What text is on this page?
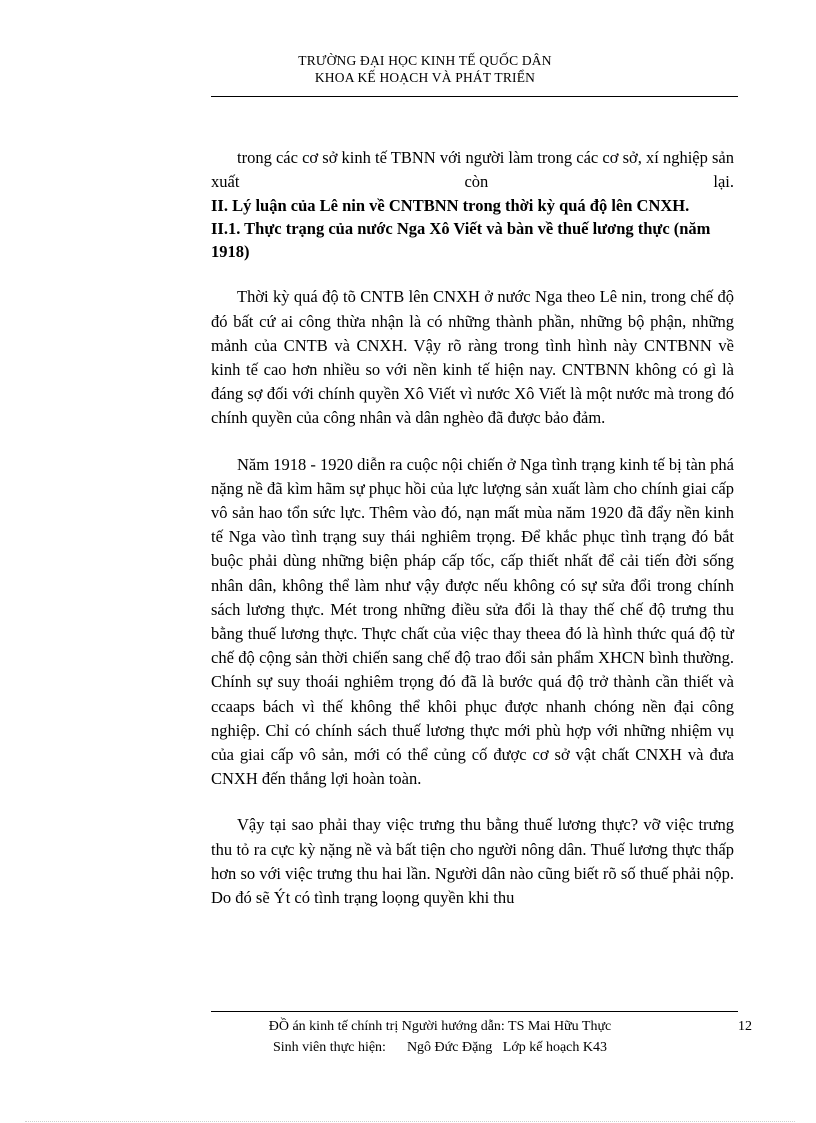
TRƯỜNG ĐẠI HỌC KINH TẾ QUỐC DÂN
KHOA KẾ HOẠCH VÀ PHÁT TRIỂN

trong các cơ sở kinh tế TBNN với người làm trong các cơ sở, xí nghiệp sản xuất còn lại.

II. Lý luận của Lê nin về CNTBNN trong thời kỳ quá độ lên CNXH.

II.1. Thực trạng của nước Nga Xô Viết và bàn về thuế lương thực (năm 1918)

Thời kỳ quá độ tõ CNTB lên CNXH ở nước Nga theo Lê nin, trong chế độ đó bất cứ ai công thừa nhận là có những thành phần, những bộ phận, những mảnh của CNTB và CNXH. Vậy rõ ràng trong tình hình này CNTBNN về kinh tế cao hơn nhiều so với nền kinh tế hiện nay. CNTBNN không có gì là đáng sợ đối với chính quyền Xô Viết vì nước Xô Viết là một nước mà trong đó chính quyền của công nhân và dân nghèo đã được bảo đảm.

Năm 1918 - 1920 diễn ra cuộc nội chiến ở Nga tình trạng kinh tế bị tàn phá nặng nề đã kìm hãm sự phục hồi của lực lượng sản xuất làm cho chính giai cấp vô sản hao tổn sức lực. Thêm vào đó, nạn mất mùa năm 1920 đã đẩy nền kinh tế Nga vào tình trạng suy thái nghiêm trọng. Để khắc phục tình trạng đó bắt buộc phải dùng những biện pháp cấp tốc, cấp thiết nhất để cải tiến đời sống nhân dân, không thể làm như vậy được nếu không có sự sửa đổi trong chính sách lương thực. Mét trong những điều sửa đổi là thay thế chế độ trưng thu bằng thuế lương thực. Thực chất của việc thay theea đó là hình thức quá độ từ chế độ cộng sản thời chiến sang chế độ trao đổi sản phẩm XHCN bình thường. Chính sự suy thoái nghiêm trọng đó đã là bước quá độ trở thành cần thiết và ccaaps bách vì thế không thể khôi phục được nhanh chóng nền đại công nghiệp. Chỉ có chính sách thuế lương thực mới phù hợp với những nhiệm vụ của giai cấp vô sản, mới có thể củng cố được cơ sở vật chất CNXH và đưa CNXH đến thắng lợi hoàn toàn.

Vậy tại sao phải thay việc trưng thu bằng thuế lương thực? vỡ việc trưng thu tỏ ra cực kỳ nặng nề và bất tiện cho người nông dân. Thuế lương thực thấp hơn so với việc trưng thu hai lần. Người dân nào cũng biết rõ số thuế phải nộp. Do đó sẽ Ýt có tình trạng loọng quyền khi thu

ĐỒ án kinh tế chính trị Người hướng dẫn: TS Mai Hữu Thực
Sinh viên thực hiện:      Ngô Đức Đặng   Lớp kế hoạch K43
12
